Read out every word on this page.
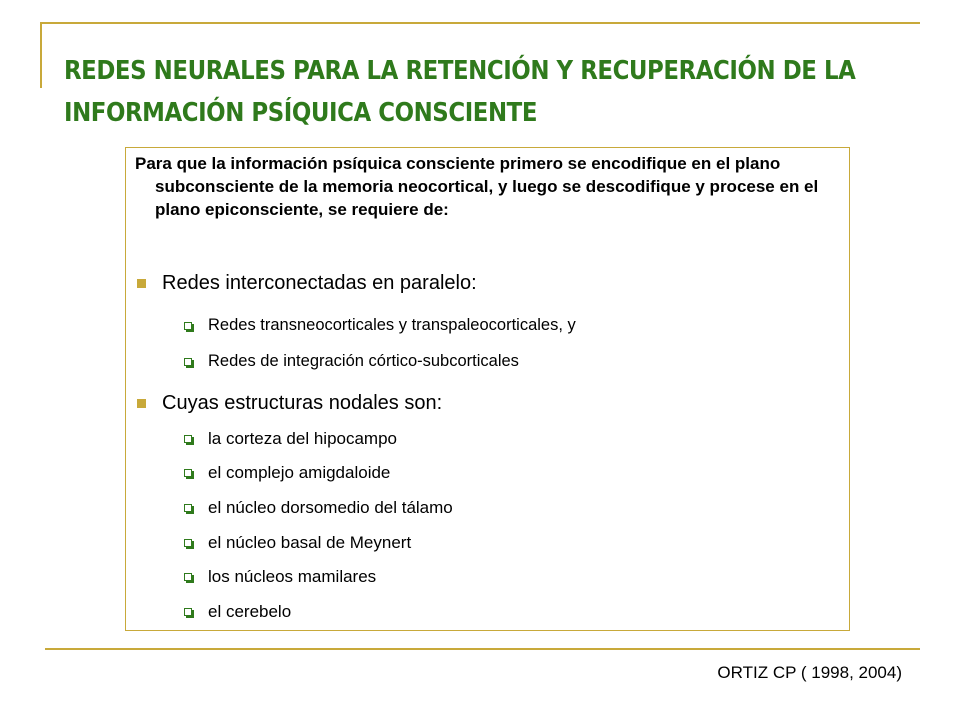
REDES NEURALES PARA LA RETENCIÓN Y RECUPERACIÓN DE LA
INFORMACIÓN PSÍQUICA CONSCIENTE

Para que la información psíquica consciente primero se encodifique en el plano subconsciente de la memoria neocortical, y luego se descodifique y procese en el plano epiconsciente, se requiere de:

Redes interconectadas en paralelo:
Redes transneocorticales y transpaleocorticales, y
Redes de integración córtico-subcorticales
Cuyas estructuras nodales son:
la corteza del hipocampo
el complejo amigdaloide
el núcleo dorsomedio del tálamo
el núcleo basal de Meynert
los núcleos mamilares
el cerebelo
ORTIZ CP ( 1998, 2004)
